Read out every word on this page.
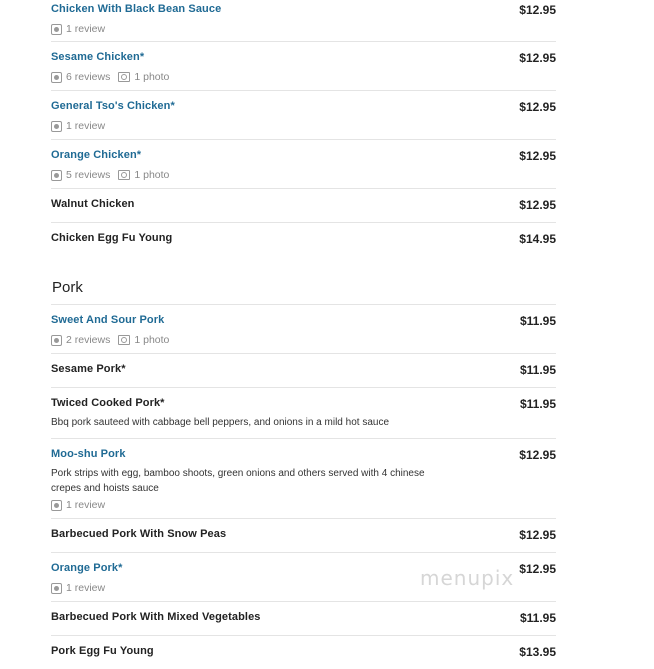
Chicken With Black Bean Sauce	$12.95
1 review
Sesame Chicken*	$12.95
6 reviews 1 photo
General Tso's Chicken*	$12.95
1 review
Orange Chicken*	$12.95
5 reviews 1 photo
Walnut Chicken	$12.95
Chicken Egg Fu Young	$14.95
Pork
Sweet And Sour Pork	$11.95
2 reviews 1 photo
Sesame Pork*	$11.95
Twiced Cooked Pork*	$11.95
Bbq pork sauteed with cabbage bell peppers, and onions in a mild hot sauce
Moo-shu Pork	$12.95
Pork strips with egg, bamboo shoots, green onions and others served with 4 chinese crepes and hoists sauce
1 review
Barbecued Pork With Snow Peas	$12.95
Orange Pork*	$12.95
1 review
Barbecued Pork With Mixed Vegetables	$11.95
Pork Egg Fu Young	$13.95
menupix
